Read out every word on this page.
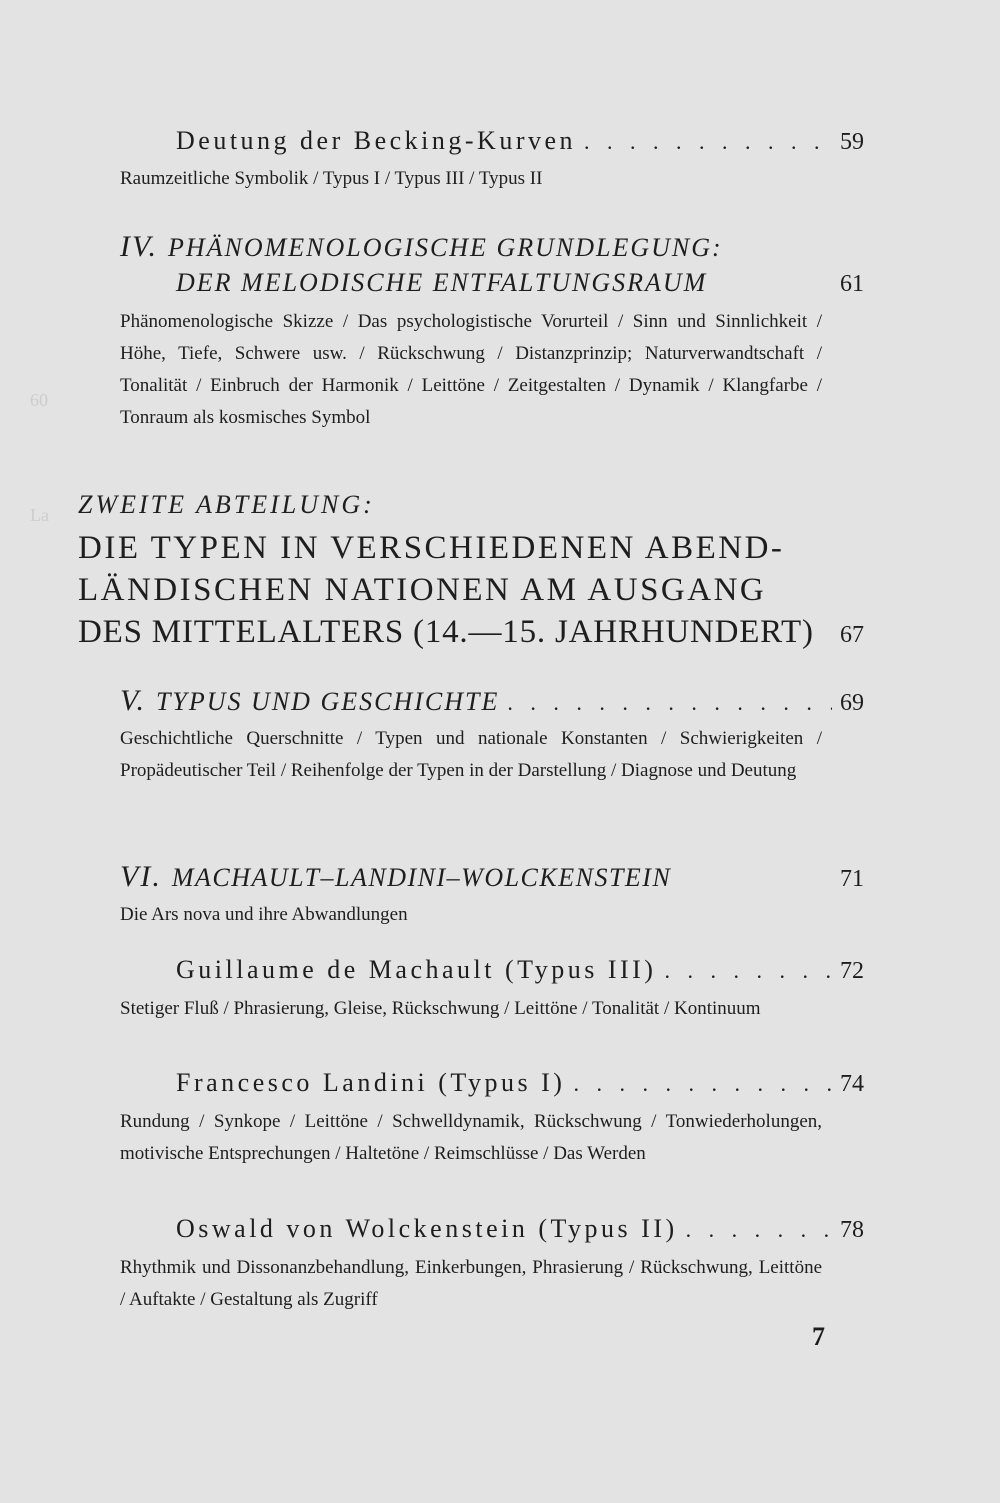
60
La
Deutung der Becking-Kurven . . .	59

Raumzeitliche Symbolik / Typus I / Typus III / Typus II

IV. PHÄNOMENOLOGISCHE GRUNDLEGUNG:
DER MELODISCHE ENTFALTUNGSRAUM	61

Phänomenologische Skizze / Das psychologistische Vorurteil / Sinn und Sinnlichkeit / Höhe, Tiefe, Schwere usw. / Rückschwung / Distanzprinzip; Naturverwandtschaft / Tonalität / Einbruch der Harmonik / Leittöne / Zeitgestalten / Dynamik / Klangfarbe / Tonraum als kosmisches Symbol

ZWEITE ABTEILUNG:
DIE TYPEN IN VERSCHIEDENEN ABEND-
LÄNDISCHEN NATIONEN AM AUSGANG
DES MITTELALTERS (14.—15. JAHRHUNDERT) 67
V. TYPUS UND GESCHICHTE . . .	69

Geschichtliche Querschnitte / Typen und nationale Konstanten / Schwierigkeiten / Propädeutischer Teil / Reihenfolge der Typen in der Darstellung / Diagnose und Deutung

VI. MACHAULT–LANDINI–WOLCKENSTEIN	71

Die Ars nova und ihre Abwandlungen

Guillaume de Machault (Typus III) . . .	72

Stetiger Fluß / Phrasierung, Gleise, Rückschwung / Leittöne / Tonalität / Kontinuum

Francesco Landini (Typus I) . . .	74

Rundung / Synkope / Leittöne / Schwelldynamik, Rückschwung / Tonwiederholungen, motivische Entsprechungen / Haltetöne / Reimschlüsse / Das Werden

Oswald von Wolckenstein (Typus II) . . .	78

Rhythmik und Dissonanzbehandlung, Einkerbungen, Phrasierung / Rückschwung, Leittöne / Auftakte / Gestaltung als Zugriff

7
